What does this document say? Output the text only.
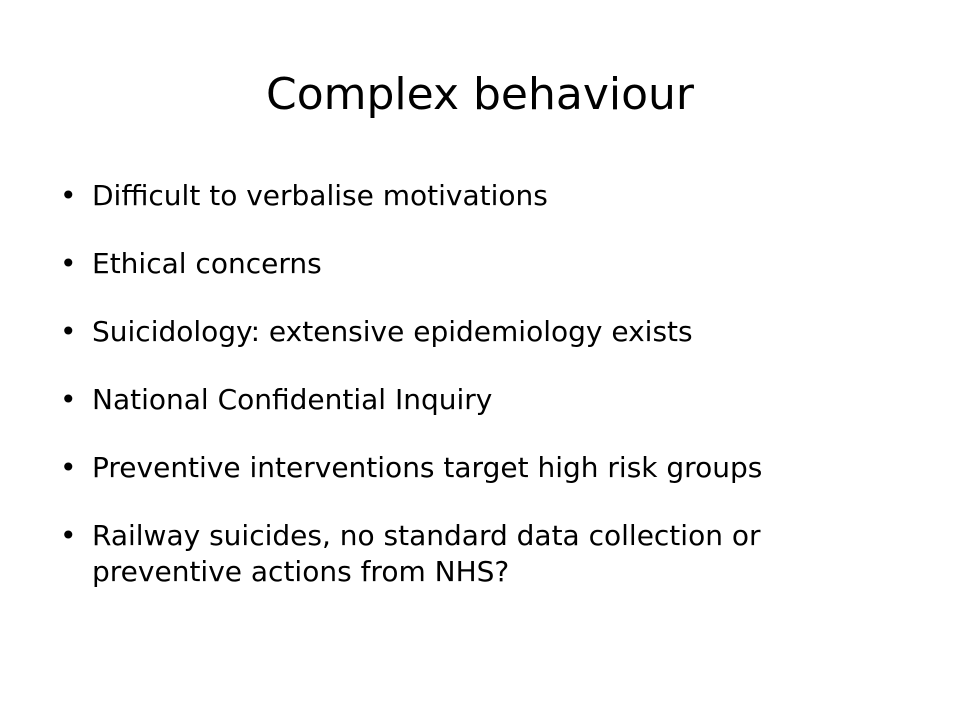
Complex behaviour
• Difficult to verbalise motivations
• Ethical concerns
• Suicidology: extensive epidemiology exists
• National Confidential Inquiry
• Preventive interventions target high risk groups
• Railway suicides, no standard data collection or preventive actions from NHS?
